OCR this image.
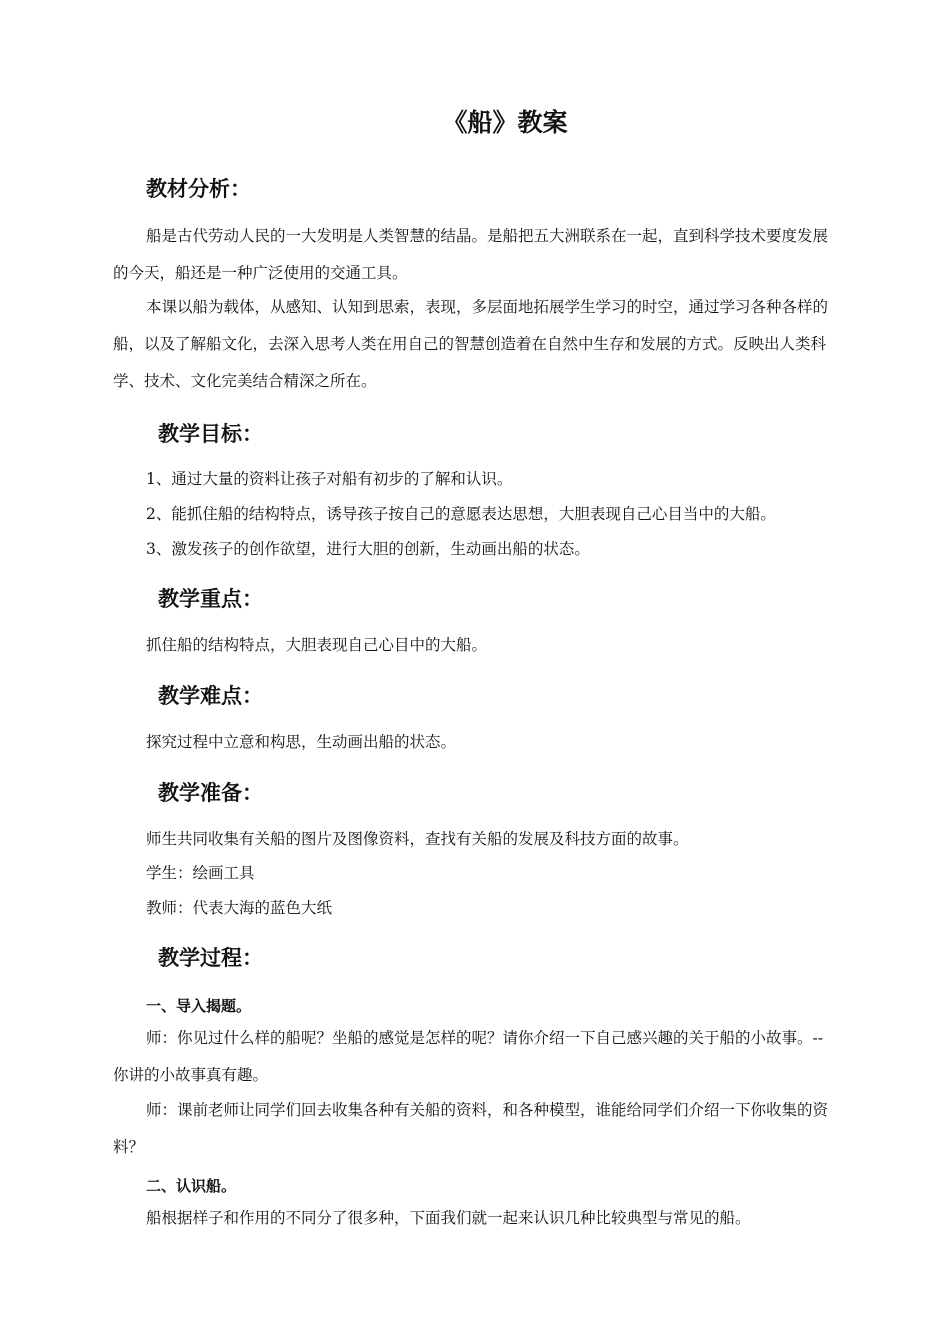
《船》教案
教材分析：
船是古代劳动人民的一大发明是人类智慧的结晶。是船把五大洲联系在一起，直到科学技术要度发展的今天，船还是一种广泛使用的交通工具。
本课以船为载体，从感知、认知到思索，表现，多层面地拓展学生学习的时空，通过学习各种各样的船，以及了解船文化，去深入思考人类在用自己的智慧创造着在自然中生存和发展的方式。反映出人类科学、技术、文化完美结合精深之所在。
教学目标：
1、通过大量的资料让孩子对船有初步的了解和认识。
2、能抓住船的结构特点，诱导孩子按自己的意愿表达思想，大胆表现自己心目当中的大船。
3、激发孩子的创作欲望，进行大胆的创新，生动画出船的状态。
教学重点：
抓住船的结构特点，大胆表现自己心目中的大船。
教学难点：
探究过程中立意和构思，生动画出船的状态。
教学准备：
师生共同收集有关船的图片及图像资料，查找有关船的发展及科技方面的故事。
学生：绘画工具
教师：代表大海的蓝色大纸
教学过程：
一、导入揭题。
师：你见过什么样的船呢？坐船的感觉是怎样的呢？请你介绍一下自己感兴趣的关于船的小故事。--你讲的小故事真有趣。
师：课前老师让同学们回去收集各种有关船的资料，和各种模型，谁能给同学们介绍一下你收集的资料？
二、认识船。
船根据样子和作用的不同分了很多种，下面我们就一起来认识几种比较典型与常见的船。
